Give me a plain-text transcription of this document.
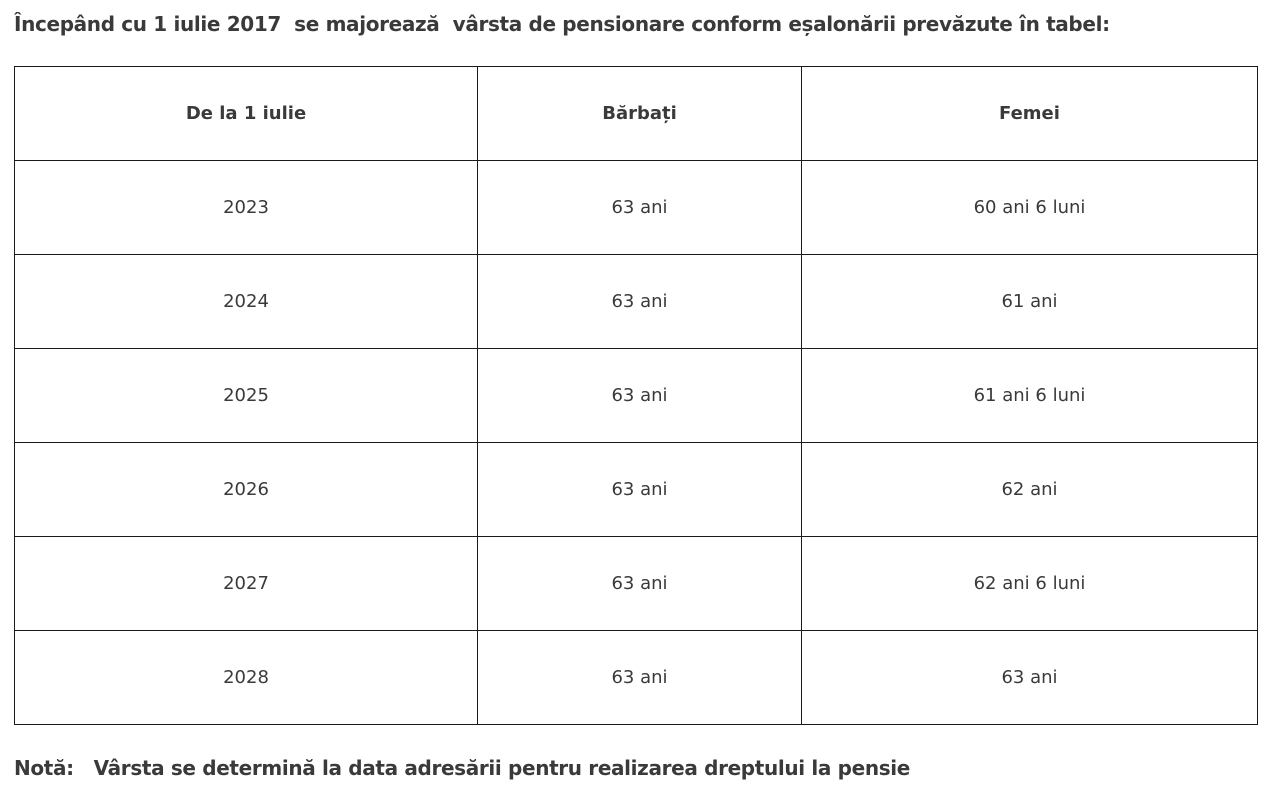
Începând cu 1 iulie 2017  se majorează  vârsta de pensionare conform eșalonării prevăzute în tabel:

De la 1 iulie	Bărbați	Femei
2023	63 ani	60 ani 6 luni
2024	63 ani	61 ani
2025	63 ani	61 ani 6 luni
2026	63 ani	62 ani
2027	63 ani	62 ani 6 luni
2028	63 ani	63 ani

Notă:   Vârsta se determină la data adresării pentru realizarea dreptului la pensie
